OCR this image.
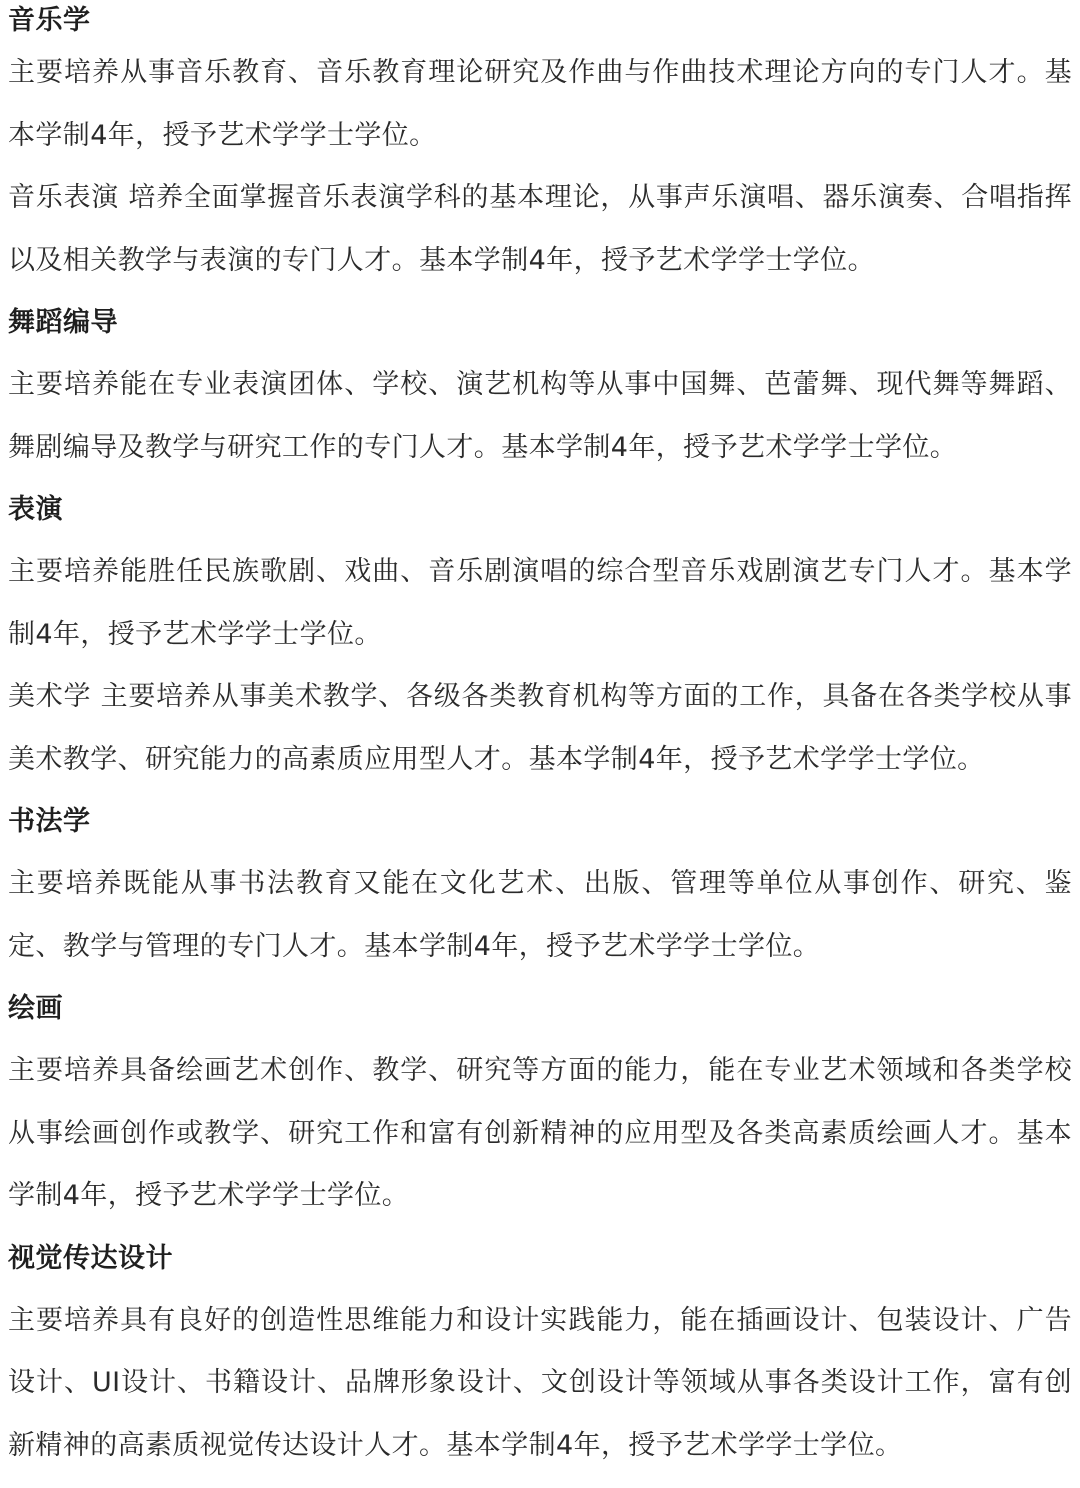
音乐学

主要培养从事音乐教育、音乐教育理论研究及作曲与作曲技术理论方向的专门人才。基本学制4年，授予艺术学学士学位。

音乐表演 培养全面掌握音乐表演学科的基本理论，从事声乐演唱、器乐演奏、合唱指挥以及相关教学与表演的专门人才。基本学制4年，授予艺术学学士学位。

舞蹈编导

主要培养能在专业表演团体、学校、演艺机构等从事中国舞、芭蕾舞、现代舞等舞蹈、舞剧编导及教学与研究工作的专门人才。基本学制4年，授予艺术学学士学位。

表演

主要培养能胜任民族歌剧、戏曲、音乐剧演唱的综合型音乐戏剧演艺专门人才。基本学制4年，授予艺术学学士学位。

美术学 主要培养从事美术教学、各级各类教育机构等方面的工作，具备在各类学校从事美术教学、研究能力的高素质应用型人才。基本学制4年，授予艺术学学士学位。

书法学

主要培养既能从事书法教育又能在文化艺术、出版、管理等单位从事创作、研究、鉴定、教学与管理的专门人才。基本学制4年，授予艺术学学士学位。

绘画

主要培养具备绘画艺术创作、教学、研究等方面的能力，能在专业艺术领域和各类学校从事绘画创作或教学、研究工作和富有创新精神的应用型及各类高素质绘画人才。基本学制4年，授予艺术学学士学位。

视觉传达设计

主要培养具有良好的创造性思维能力和设计实践能力，能在插画设计、包装设计、广告设计、UI设计、书籍设计、品牌形象设计、文创设计等领域从事各类设计工作，富有创新精神的高素质视觉传达设计人才。基本学制4年，授予艺术学学士学位。
